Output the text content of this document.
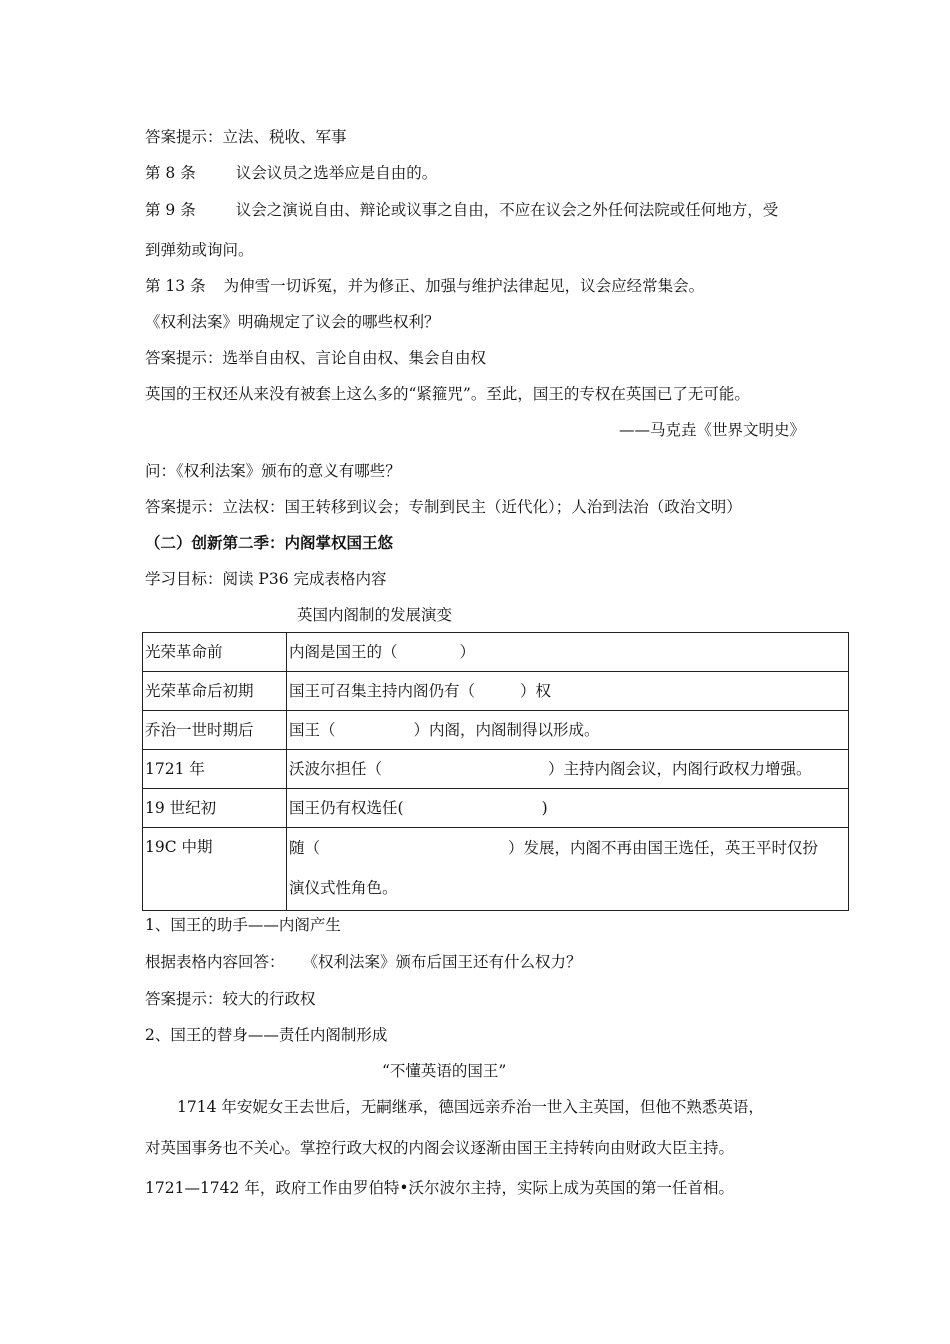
答案提示：立法、税收、军事
第 8 条	议会议员之选举应是自由的。
第 9 条	议会之演说自由、辩论或议事之自由，不应在议会之外任何法院或任何地方，受
到弹劾或询问。
第 13 条 为伸雪一切诉冤，并为修正、加强与维护法律起见，议会应经常集会。
《权利法案》明确规定了议会的哪些权利？
答案提示：选举自由权、言论自由权、集会自由权
英国的王权还从来没有被套上这么多的“紧箍咒”。至此，国王的专权在英国已了无可能。
——马克垚《世界文明史》
问：《权利法案》颁布的意义有哪些？
答案提示：立法权：国王转移到议会；专制到民主（近代化）；人治到法治（政治文明）
（二）创新第二季：内阁掌权国王悠
学习目标：阅读 P36 完成表格内容
英国内阁制的发展演变
光荣革命前	内阁是国王的（ ）
光荣革命后初期	国王可召集主持内阁仍有（ ）权
乔治一世时期后	国王（ ）内阁，内阁制得以形成。
1721 年	沃波尔担任（ ）主持内阁会议，内阁行政权力增强。
19 世纪初	国王仍有权选任( )
19C 中期	随（ ）发展，内阁不再由国王选任，英王平时仅扮
演仪式性角色。
1、国王的助手——内阁产生
根据表格内容回答： 《权利法案》颁布后国王还有什么权力？
答案提示：较大的行政权
2、国王的替身——责任内阁制形成
“不懂英语的国王”
1714 年安妮女王去世后，无嗣继承，德国远亲乔治一世入主英国，但他不熟悉英语，
对英国事务也不关心。掌控行政大权的内阁会议逐渐由国王主持转向由财政大臣主持。
1721—1742 年，政府工作由罗伯特•沃尔波尔主持，实际上成为英国的第一任首相。
